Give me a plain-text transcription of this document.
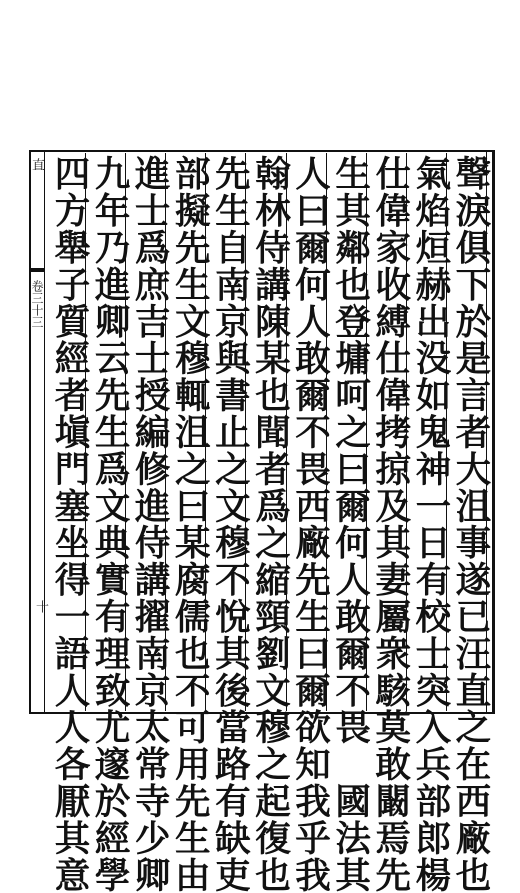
直
卷三十三
十	聲淚俱下於是言者大沮事遂已汪直之在西廠也
氣焰烜赫出没如鬼神一日有校士突入兵部郎楊
仕偉家收縛仕偉拷掠及其妻屬衆駭莫敢闞焉先
生其鄰也登墉呵之曰爾何人敢爾不畏　國法其
人曰爾何人敢爾不畏西廠先生曰爾欲知我乎我
翰林侍講陳某也聞者爲之縮頸劉文穆之起復也
先生自南京與書止之文穆不悅其後當路有缺吏
部擬先生文穆輒沮之曰某腐儒也不可用先生由
進士爲庶吉士授編修進侍講擢南京太常寺少卿
九年乃進卿云先生爲文典實有理致尤邃於經學
四方舉子質經者塡門塞坐得一語人人各厭其意
